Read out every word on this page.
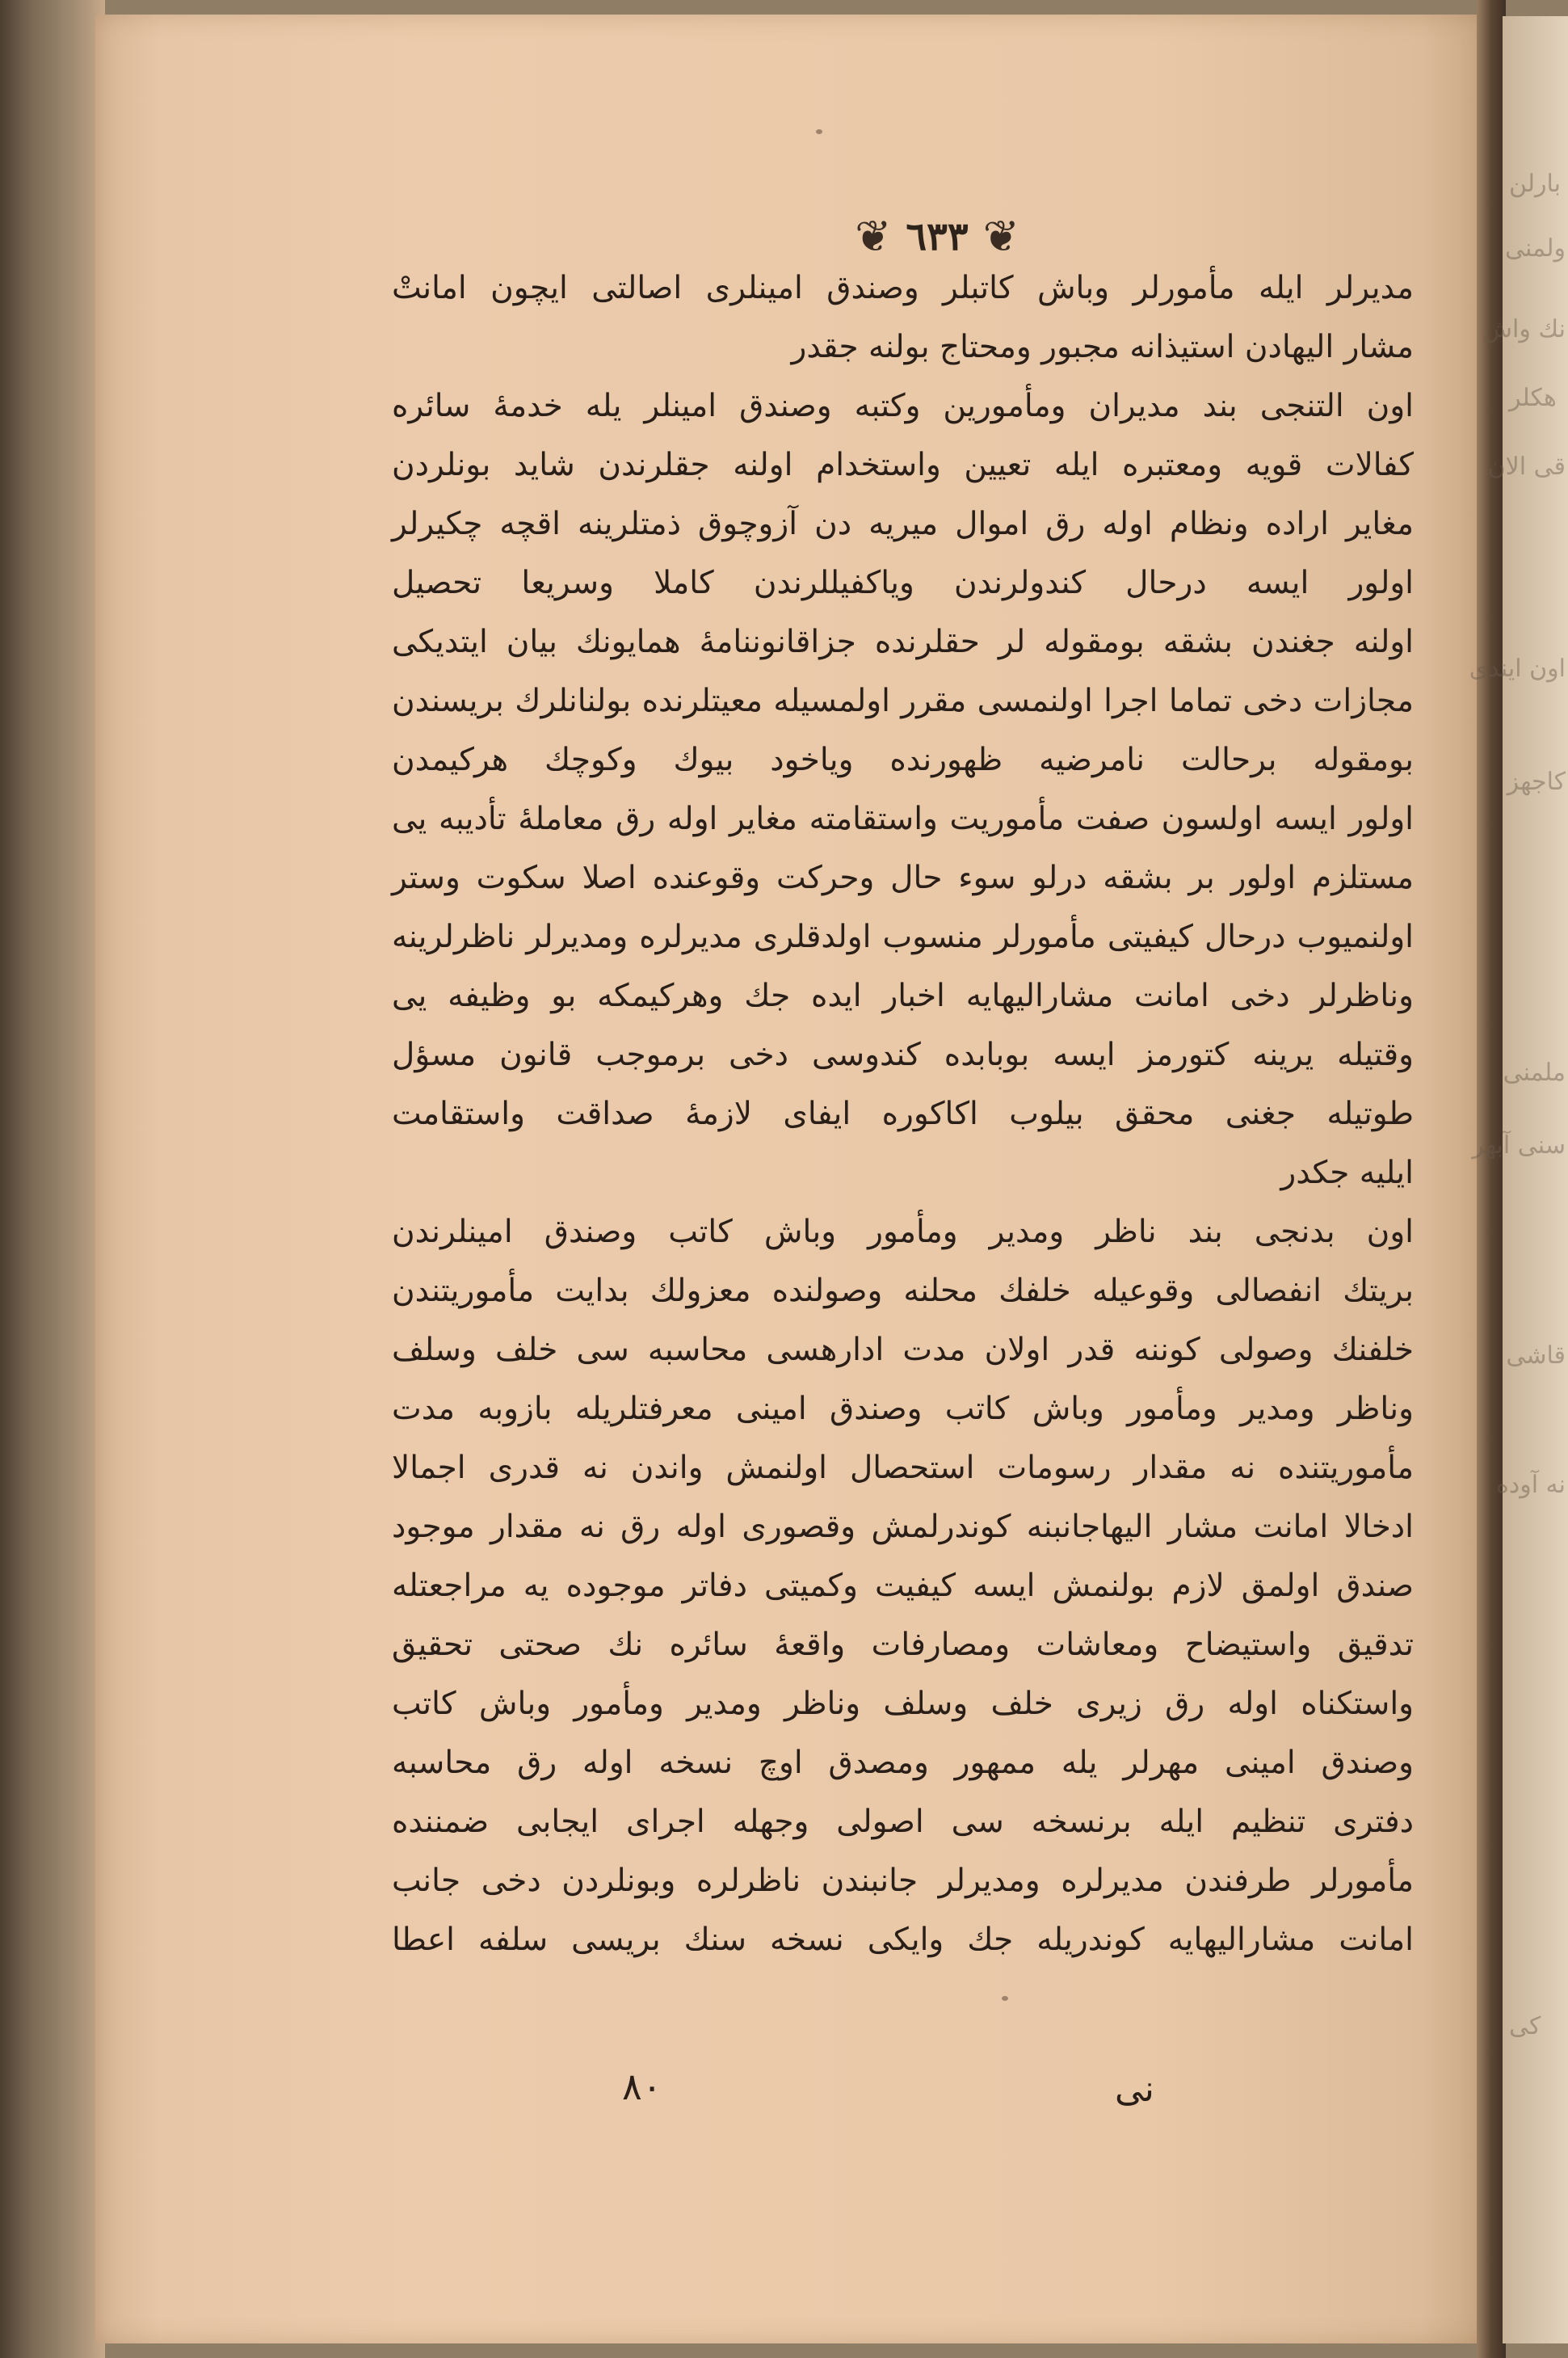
بارلن
ولمنى
نك واش
هكلر
قى الان
اون ايندى
كاجهز
ملمنى
سنى آبهر
قاشى
نه آوده
كى
❦ ٦٣٣ ❦
مديرلر ايله مأمورلر وباش كاتبلر وصندق امينلرى اصالتى ايچون امانتْ
مشار اليهادن استيذانه مجبور ومحتاج بولنه جقدر
اون التنجى بند مديران ومأمورين وكتبه وصندق امينلر يله خدمهٔ سائره
كفالات قويه ومعتبره ايله تعيين واستخدام اولنه جقلرندن شايد بونلردن
مغاير اراده ونظام اوله رق اموال ميريه دن آزوچوق ذمتلرينه اقچه چكيرلر
اولور ايسه درحال كندولرندن وياكفيللرندن كاملا وسريعا تحصيل
اولنه جغندن بشقه بومقوله لر حقلرنده جزاقانوننامهٔ همايونك بيان ايتديكى
مجازات دخى تماما اجرا اولنمسى مقرر اولمسيله معيتلرنده بولنانلرك بريسندن
بومقوله برحالت نامرضيه ظهورنده وياخود بيوك وكوچك هركيمدن
اولور ايسه اولسون صفت مأموريت واستقامته مغاير اوله رق معاملهٔ تأديبه يى
مستلزم اولور بر بشقه درلو سوء حال وحركت وقوعنده اصلا سكوت وستر
اولنميوب درحال كيفيتى مأمورلر منسوب اولدقلرى مديرلره ومديرلر ناظرلرينه
وناظرلر دخى امانت مشاراليهايه اخبار ايده جك وهركيمكه بو وظيفه يى
وقتيله يرينه كتورمز ايسه بوبابده كندوسى دخى برموجب قانون مسؤل
طوتيله جغنى محقق بيلوب اكاكوره ايفاى لازمهٔ صداقت واستقامت
ايليه جكدر
اون بدنجى بند ناظر ومدير ومأمور وباش كاتب وصندق امينلرندن
بريتك انفصالى وقوعيله خلفك محلنه وصولنده معزولك بدايت مأموريتندن
خلفنك وصولى كوننه قدر اولان مدت ادارهسى محاسبه سى خلف وسلف
وناظر ومدير ومأمور وباش كاتب وصندق امينى معرفتلريله بازوبه مدت
مأموريتنده نه مقدار رسومات استحصال اولنمش واندن نه قدرى اجمالا
ادخالا امانت مشار اليهاجانبنه كوندرلمش وقصورى اوله رق نه مقدار موجود
صندق اولمق لازم بولنمش ايسه كيفيت وكميتى دفاتر موجوده يه مراجعتله
تدقيق واستيضاح ومعاشات ومصارفات واقعهٔ سائره نك صحتى تحقيق
واستكناه اوله رق زيرى خلف وسلف وناظر ومدير ومأمور وباش كاتب
وصندق امينى مهرلر يله ممهور ومصدق اوچ نسخه اوله رق محاسبه
دفترى تنظيم ايله برنسخه سى اصولى وجهله اجراى ايجابى ضمننده
مأمورلر طرفندن مديرلره ومديرلر جانبندن ناظرلره وبونلردن دخى جانب
امانت مشاراليهايه كوندريله جك وايكى نسخه سنك بريسى سلفه اعطا
۸۰	نى
